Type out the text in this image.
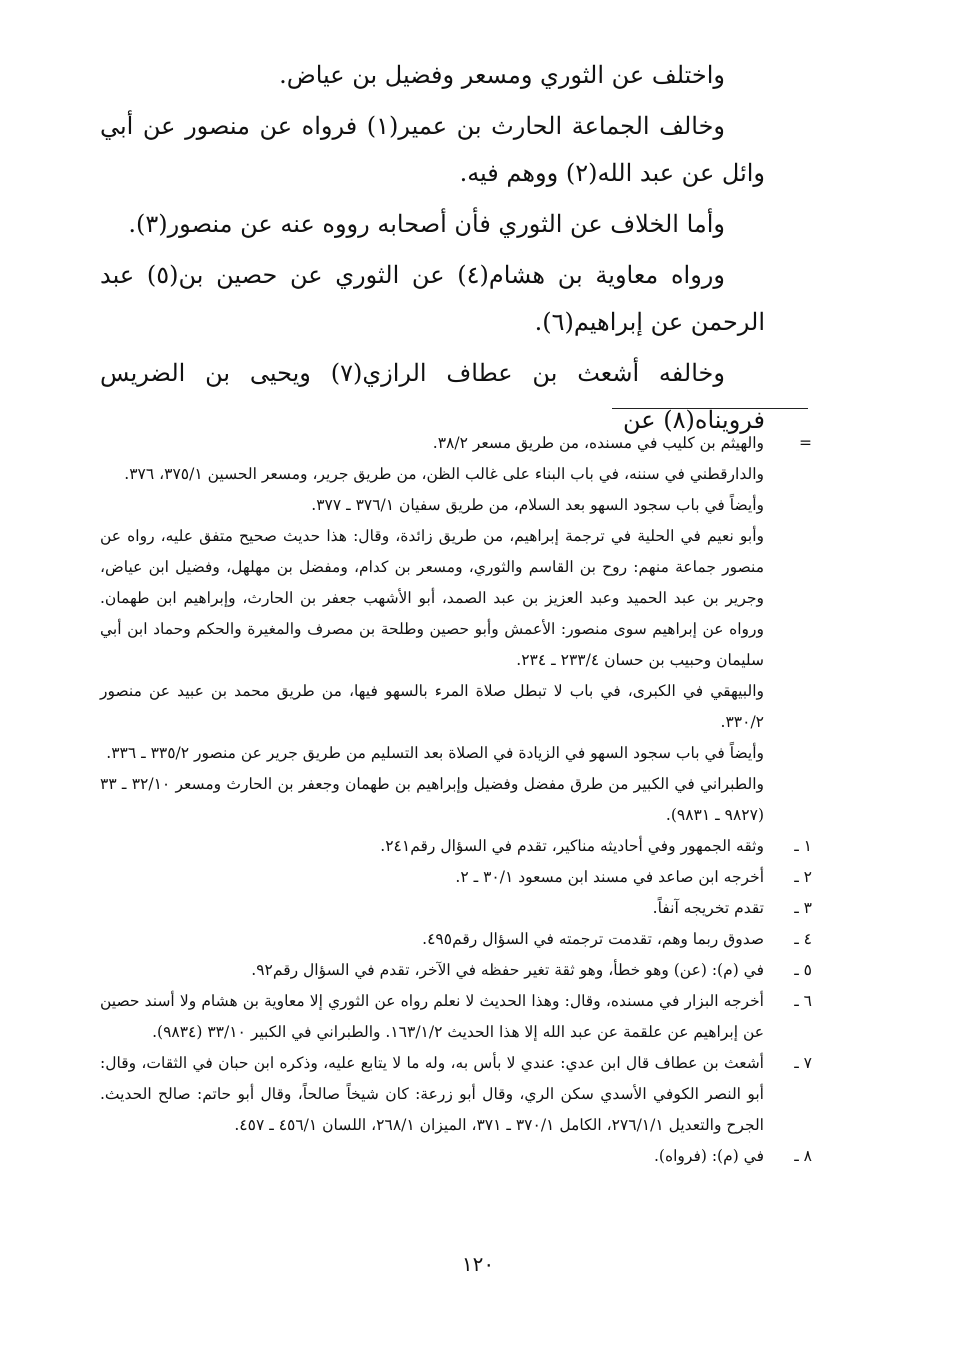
واختلف عن الثوري ومسعر وفضيل بن عياض.

وخالف الجماعة الحارث بن عمير(١) فرواه عن منصور عن أبي وائل عن عبد الله(٢) ووهم فيه.

وأما الخلاف عن الثوري فأن أصحابه رووه عنه عن منصور(٣).

ورواه معاوية بن هشام(٤) عن الثوري عن حصين بن(٥) عبد الرحمن عن إبراهيم(٦).

وخالفه أشعث بن عطاف الرازي(٧) ويحيى بن الضريس فرويناه(٨) عن

=

والهيثم بن كليب في مسنده، من طريق مسعر ٣٨/٢.

والدارقطني في سننه، في باب البناء على غالب الظن، من طريق جرير، ومسعر الحسين ٣٧٥/١، ٣٧٦.

وأيضاً في باب سجود السهو بعد السلام، من طريق سفيان ٣٧٦/١ ـ ٣٧٧.

وأبو نعيم في الحلية في ترجمة إبراهيم، من طريق زائدة، وقال: هذا حديث صحيح متفق عليه، رواه عن منصور جماعة منهم: روح بن القاسم والثوري، ومسعر بن كدام، ومفضل بن مهلهل، وفضيل ابن عياض، وجرير بن عبد الحميد وعبد العزيز بن عبد الصمد، أبو الأشهب جعفر بن الحارث، وإبراهيم ابن طهمان. ورواه عن إبراهيم سوى منصور: الأعمش وأبو حصين وطلحة بن مصرف والمغيرة والحكم وحماد ابن أبي سليمان وحبيب بن حسان ٢٣٣/٤ ـ ٢٣٤.

والبيهقي في الكبرى، في باب لا تبطل صلاة المرء بالسهو فيها، من طريق محمد بن عبيد عن منصور ٣٣٠/٢.

وأيضاً في باب سجود السهو في الزيادة في الصلاة بعد التسليم من طريق جرير عن منصور ٣٣٥/٢ ـ ٣٣٦.

والطبراني في الكبير من طرق مفضل وفضيل وإبراهيم بن طهمان وجعفر بن الحارث ومسعر ٣٢/١٠ ـ ٣٣ (٩٨٢٧ ـ ٩٨٣١).

١ ـ
وثقه الجمهور وفي أحاديثه مناكير، تقدم في السؤال رقم٢٤١.
٢ ـ
أخرجه ابن صاعد في مسند ابن مسعود ٣٠/١ ـ ٢.
٣ ـ
تقدم تخريجه آنفاً.
٤ ـ
صدوق ربما وهم، تقدمت ترجمته في السؤال رقم٤٩٥.
٥ ـ
في (م): (عن) وهو خطأ، وهو ثقة تغير حفظه في الآخر، تقدم في السؤال رقم٩٢.
٦ ـ
أخرجه البزار في مسنده، وقال: وهذا الحديث لا نعلم رواه عن الثوري إلا معاوية بن هشام ولا أسند حصين عن إبراهيم عن علقمة عن عبد الله إلا هذا الحديث ١٦٣/١/٢. والطبراني في الكبير ٣٣/١٠ (٩٨٣٤).
٧ ـ
أشعث بن عطاف قال ابن عدي: عندي لا بأس به، وله ما لا يتابع عليه، وذكره ابن حبان في الثقات، وقال: أبو النصر الكوفي الأسدي سكن الري، وقال أبو زرعة: كان شيخاً صالحاً، وقال أبو حاتم: صالح الحديث. الجرح والتعديل ٢٧٦/١/١، الكامل ٣٧٠/١ ـ ٣٧١، الميزان ٢٦٨/١، اللسان ٤٥٦/١ ـ ٤٥٧.
٨ ـ
في (م): (فرواه).
١٢٠
